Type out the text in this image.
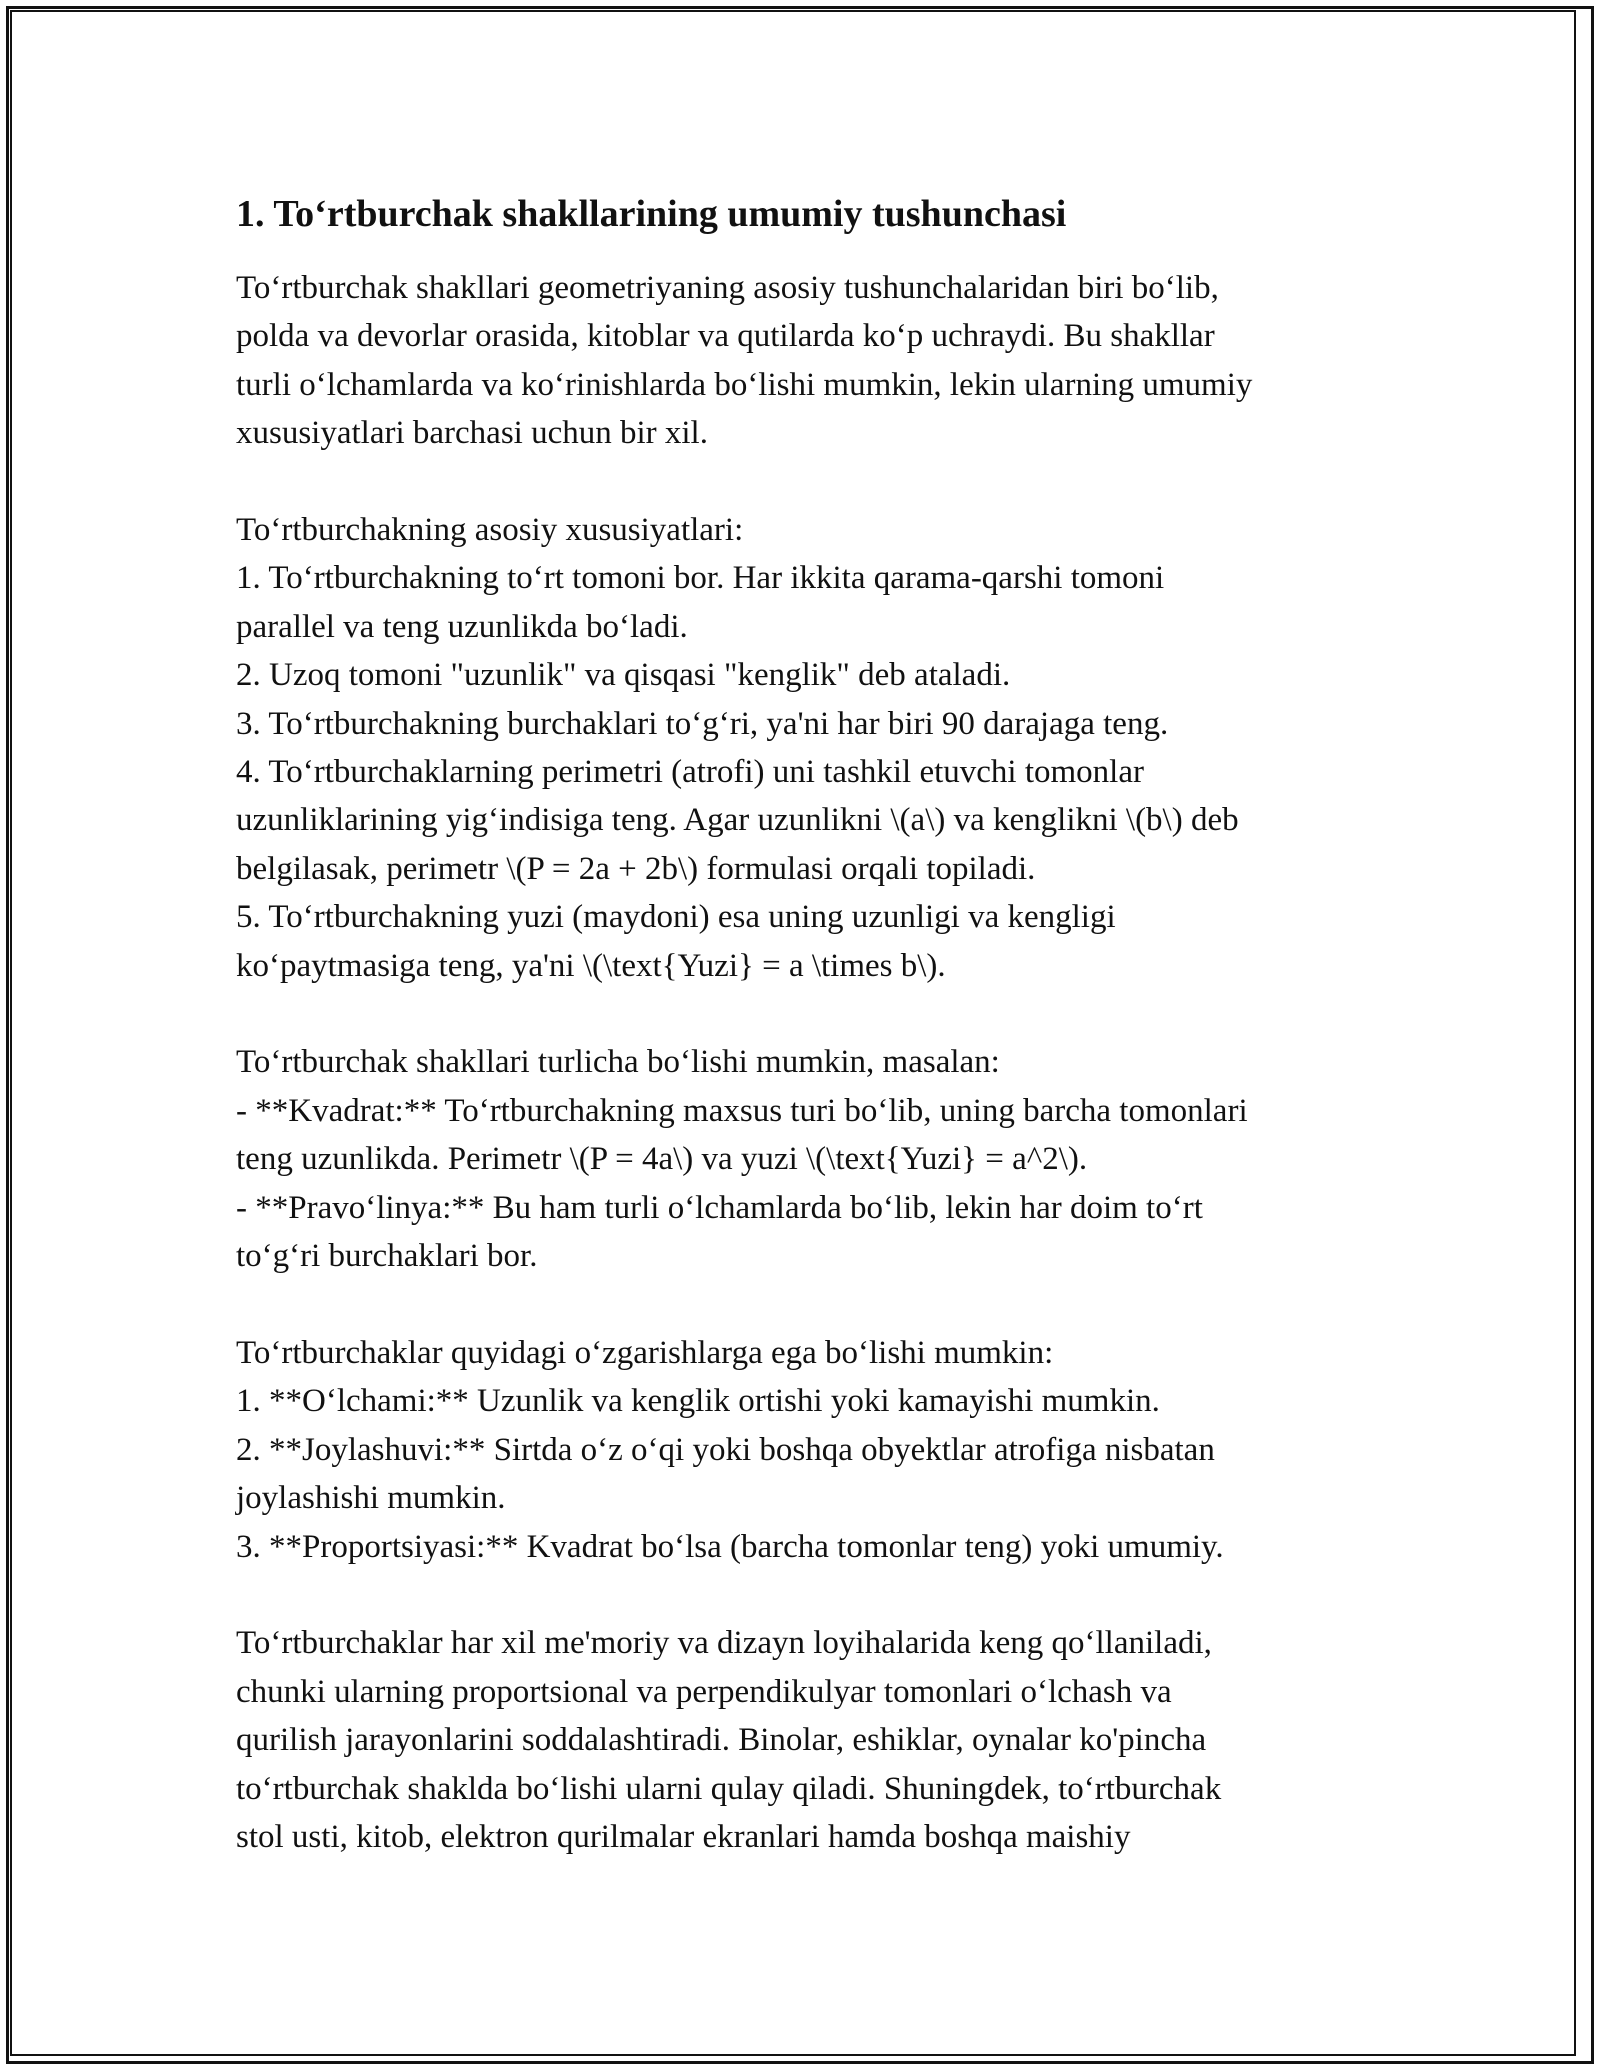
1. To‘rtburchak shakllarining umumiy tushunchasi
To‘rtburchak shakllari geometriyaning asosiy tushunchalaridan biri bo‘lib,
polda va devorlar orasida, kitoblar va qutilarda ko‘p uchraydi. Bu shakllar
turli o‘lchamlarda va ko‘rinishlarda bo‘lishi mumkin, lekin ularning umumiy
xususiyatlari barchasi uchun bir xil.
To‘rtburchakning asosiy xususiyatlari:
1. To‘rtburchakning to‘rt tomoni bor. Har ikkita qarama-qarshi tomoni
parallel va teng uzunlikda bo‘ladi.
2. Uzoq tomoni "uzunlik" va qisqasi "kenglik" deb ataladi.
3. To‘rtburchakning burchaklari to‘g‘ri, ya'ni har biri 90 darajaga teng.
4. To‘rtburchaklarning perimetri (atrofi) uni tashkil etuvchi tomonlar
uzunliklarining yig‘indisiga teng. Agar uzunlikni \(a\) va kenglikni \(b\) deb
belgilasak, perimetr \(P = 2a + 2b\) formulasi orqali topiladi.
5. To‘rtburchakning yuzi (maydoni) esa uning uzunligi va kengligi
ko‘paytmasiga teng, ya'ni \(\text{Yuzi} = a \times b\).
To‘rtburchak shakllari turlicha bo‘lishi mumkin, masalan:
- **Kvadrat:** To‘rtburchakning maxsus turi bo‘lib, uning barcha tomonlari
teng uzunlikda. Perimetr \(P = 4a\) va yuzi \(\text{Yuzi} = a^2\).
- **Pravo‘linya:** Bu ham turli o‘lchamlarda bo‘lib, lekin har doim to‘rt
to‘g‘ri burchaklari bor.
To‘rtburchaklar quyidagi o‘zgarishlarga ega bo‘lishi mumkin:
1. **O‘lchami:** Uzunlik va kenglik ortishi yoki kamayishi mumkin.
2. **Joylashuvi:** Sirtda o‘z o‘qi yoki boshqa obyektlar atrofiga nisbatan
joylashishi mumkin.
3. **Proportsiyasi:** Kvadrat bo‘lsa (barcha tomonlar teng) yoki umumiy.
To‘rtburchaklar har xil me'moriy va dizayn loyihalarida keng qo‘llaniladi,
chunki ularning proportsional va perpendikulyar tomonlari o‘lchash va
qurilish jarayonlarini soddalashtiradi. Binolar, eshiklar, oynalar ko'pincha
to‘rtburchak shaklda bo‘lishi ularni qulay qiladi. Shuningdek, to‘rtburchak
stol usti, kitob, elektron qurilmalar ekranlari hamda boshqa maishiy
